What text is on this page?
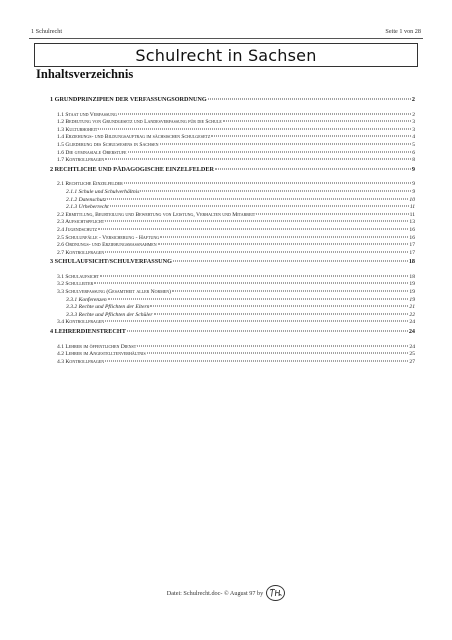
1 Schulrecht	Seite 1 von 28
Schulrecht in Sachsen
Inhaltsverzeichnis
1 GRUNDPRINZIPIEN DER VERFASSUNGSORDNUNG	2
1.1 Staat und Verfassung	2
1.2 Bedeutung von Grundgesetz und Landesverfassung für die Schule	3
1.3 Kulturhoheit	3
1.4 Erziehungs- und Bildungsauftrag im sächsischen Schulgesetz	4
1.5 Gliederung des Schulwesens in Sachsen	5
1.6 Die gymnasiale Oberstufe	6
1.7 Kontrollfragen	8
2 RECHTLICHE UND PÄDAGOGISCHE EINZELFELDER	9
2.1 Rechtliche Einzelfelder	9
2.1.1 Schule und Schulverhältnis	9
2.1.2 Datenschutz	10
2.1.3 Urheberrecht	11
2.2 Ermittlung, Beurteilung und Bewertung von Leistung, Verhalten und Mitarbeit	11
2.3 Aufsichtspflicht	13
2.4 Jugendschutz	16
2.5 Schulunfälle - Versicherung - Haftung	16
2.6 Ordnungs- und Erziehungsmaßnahmen	17
2.7 Kontrollfragen	17
3 SCHULAUFSICHT/SCHULVERFASSUNG	18
3.1 Schulaufsicht	18
3.2 Schulleiter	19
3.3 Schulverfassung (Gesamtheit aller Normen)	19
3.3.1 Konferenzen	19
3.3.2 Rechte und Pflichten der Eltern	21
3.3.3 Rechte und Pflichten der Schüler	22
3.4 Kontrollfragen	24
4 LEHRERDIENSTRECHT	24
4.1 Lehrer im öffentlichen Dienst	24
4.2 Lehrer im Angestelltenverhältnis	25
4.3 Kontrollfragen	27
Datei: Schulrecht.doc- © August 97 by
